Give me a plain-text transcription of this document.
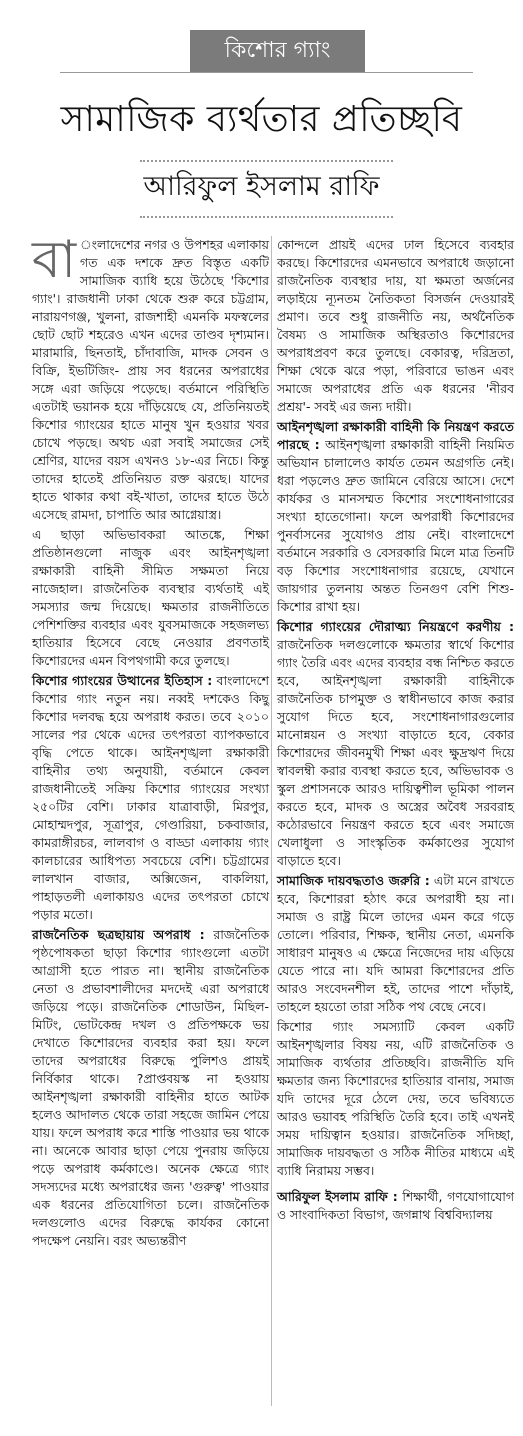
কিশোর গ্যাং
সামাজিক ব্যর্থতার প্রতিচ্ছবি
আরিফুল ইসলাম রাফি

বা ংলাদেশের নগর ও উপশহর এলাকায় গত এক দশকে দ্রুত বিস্তৃত একটি সামাজিক ব্যাধি হয়ে উঠেছে 'কিশোর গ্যাং'। রাজধানী ঢাকা থেকে শুরু করে চট্টগ্রাম, নারায়ণগঞ্জ, খুলনা, রাজশাহী এমনকি মফস্বলের ছোট ছোট শহরেও এখন এদের তাণ্ডব দৃশ্যমান। মারামারি, ছিনতাই, চাঁদাবাজি, মাদক সেবন ও বিক্রি, ইভটিজিং- প্রায় সব ধরনের অপরাধের সঙ্গে এরা জড়িয়ে পড়েছে। বর্তমানে পরিস্থিতি এতটাই ভয়ানক হয়ে দাঁড়িয়েছে যে, প্রতিনিয়তই কিশোর গ্যাংয়ের হাতে মানুষ খুন হওয়ার খবর চোখে পড়ছে। অথচ এরা সবাই সমাজের সেই শ্রেণির, যাদের বয়স এখনও ১৮-এর নিচে। কিন্তু তাদের হাতেই প্রতিনিয়ত রক্ত ঝরছে। যাদের হাতে থাকার কথা বই-খাতা, তাদের হাতে উঠে এসেছে রামদা, চাপাতি আর আগ্নেয়াস্ত্র।

এ ছাড়া অভিভাবকরা আতঙ্কে, শিক্ষা প্রতিষ্ঠানগুলো নাজুক এবং আইনশৃঙ্খলা রক্ষাকারী বাহিনী সীমিত সক্ষমতা নিয়ে নাজেহাল। রাজনৈতিক ব্যবস্থার ব্যর্থতাই এই সমস্যার জন্ম দিয়েছে। ক্ষমতার রাজনীতিতে পেশিশক্তির ব্যবহার এবং যুবসমাজকে সহজলভ্য হাতিয়ার হিসেবে বেছে নেওয়ার প্রবণতাই কিশোরদের এমন বিপথগামী করে তুলছে।

কিশোর গ্যাংয়ের উত্থানের ইতিহাস : বাংলাদেশে কিশোর গ্যাং নতুন নয়। নব্বই দশকেও কিছু কিশোর দলবদ্ধ হয়ে অপরাধ করত। তবে ২০১০ সালের পর থেকে এদের তৎপরতা ব্যাপকভাবে বৃদ্ধি পেতে থাকে। আইনশৃঙ্খলা রক্ষাকারী বাহিনীর তথ্য অনুযায়ী, বর্তমানে কেবল রাজধানীতেই সক্রিয় কিশোর গ্যাংয়ের সংখ্যা ২৫০টির বেশি। ঢাকার যাত্রাবাড়ী, মিরপুর, মোহাম্মদপুর, সূত্রাপুর, গেণ্ডারিয়া, চকবাজার, কামরাঙ্গীরচর, লালবাগ ও বাড্ডা এলাকায় গ্যাং কালচারের আধিপত্য সবচেয়ে বেশি। চট্টগ্রামের লালখান বাজার, অক্সিজেন, বাকলিয়া, পাহাড়তলী এলাকায়ও এদের তৎপরতা চোখে পড়ার মতো।

রাজনৈতিক ছত্রছায়ায় অপরাধ : রাজনৈতিক পৃষ্ঠপোষকতা ছাড়া কিশোর গ্যাংগুলো এতটা আগ্রাসী হতে পারত না। স্থানীয় রাজনৈতিক নেতা ও প্রভাবশালীদের মদদেই এরা অপরাধে জড়িয়ে পড়ে। রাজনৈতিক শোডাউন, মিছিল-মিটিং, ভোটকেন্দ্র দখল ও প্রতিপক্ষকে ভয় দেখাতে কিশোরদের ব্যবহার করা হয়। ফলে তাদের অপরাধের বিরুদ্ধে পুলিশও প্রায়ই নির্বিকার থাকে। ?প্রাপ্তবয়স্ক না হওয়ায় আইনশৃঙ্খলা রক্ষাকারী বাহিনীর হাতে আটক হলেও আদালত থেকে তারা সহজে জামিন পেয়ে যায়। ফলে অপরাধ করে শাস্তি পাওয়ার ভয় থাকে না। অনেকে আবার ছাড়া পেয়ে পুনরায় জড়িয়ে পড়ে অপরাধ কর্মকাণ্ডে। অনেক ক্ষেত্রে গ্যাং সদস্যদের মধ্যে অপরাধের জন্য 'গুরুত্ব' পাওয়ার এক ধরনের প্রতিযোগিতা চলে। রাজনৈতিক দলগুলোও এদের বিরুদ্ধে কার্যকর কোনো পদক্ষেপ নেয়নি। বরং অভ্যন্তরীণ

কোন্দলে প্রায়ই এদের ঢাল হিসেবে ব্যবহার করছে। কিশোরদের এমনভাবে অপরাধে জড়ানো রাজনৈতিক ব্যবস্থার দায়, যা ক্ষমতা অর্জনের লড়াইয়ে ন্যূনতম নৈতিকতা বিসর্জন দেওয়ারই প্রমাণ। তবে শুধু রাজনীতি নয়, অর্থনৈতিক বৈষম্য ও সামাজিক অস্থিরতাও কিশোরদের অপরাধপ্রবণ করে তুলছে। বেকারত্ব, দরিদ্রতা, শিক্ষা থেকে ঝরে পড়া, পরিবারে ভাঙন এবং সমাজে অপরাধের প্রতি এক ধরনের 'নীরব প্রশ্রয়'- সবই এর জন্য দায়ী।

আইনশৃঙ্খলা রক্ষাকারী বাহিনী কি নিয়ন্ত্রণ করতে পারছে : আইনশৃঙ্খলা রক্ষাকারী বাহিনী নিয়মিত অভিযান চালালেও কার্যত তেমন অগ্রগতি নেই। ধরা পড়লেও দ্রুত জামিনে বেরিয়ে আসে। দেশে কার্যকর ও মানসম্মত কিশোর সংশোধনাগারের সংখ্যা হাতেগোনা। ফলে অপরাধী কিশোরদের পুনর্বাসনের সুযোগও প্রায় নেই। বাংলাদেশে বর্তমানে সরকারি ও বেসরকারি মিলে মাত্র তিনটি বড় কিশোর সংশোধনাগার রয়েছে, যেখানে জায়গার তুলনায় অন্তত তিনগুণ বেশি শিশু-কিশোর রাখা হয়।

কিশোর গ্যাংয়ের দৌরাত্ম্য নিয়ন্ত্রণে করণীয় : রাজনৈতিক দলগুলোকে ক্ষমতার স্বার্থে কিশোর গ্যাং তৈরি এবং এদের ব্যবহার বন্ধ নিশ্চিত করতে হবে, আইনশৃঙ্খলা রক্ষাকারী বাহিনীকে রাজনৈতিক চাপমুক্ত ও স্বাধীনভাবে কাজ করার সুযোগ দিতে হবে, সংশোধনাগারগুলোর মানোন্নয়ন ও সংখ্যা বাড়াতে হবে, বেকার কিশোরদের জীবনমুখী শিক্ষা এবং ক্ষুদ্রঋণ দিয়ে স্বাবলম্বী করার ব্যবস্থা করতে হবে, অভিভাবক ও স্কুল প্রশাসনকে আরও দায়িত্বশীল ভূমিকা পালন করতে হবে, মাদক ও অস্ত্রের অবৈধ সরবরাহ কঠোরভাবে নিয়ন্ত্রণ করতে হবে এবং সমাজে খেলাধুলা ও সাংস্কৃতিক কর্মকাণ্ডের সুযোগ বাড়াতে হবে।

সামাজিক দায়বদ্ধতাও জরুরি : এটা মনে রাখতে হবে, কিশোররা হঠাৎ করে অপরাধী হয় না। সমাজ ও রাষ্ট্র মিলে তাদের এমন করে গড়ে তোলে। পরিবার, শিক্ষক, স্থানীয় নেতা, এমনকি সাধারণ মানুষও এ ক্ষেত্রে নিজেদের দায় এড়িয়ে যেতে পারে না। যদি আমরা কিশোরদের প্রতি আরও সংবেদনশীল হই, তাদের পাশে দাঁড়াই, তাহলে হয়তো তারা সঠিক পথ বেছে নেবে।

কিশোর গ্যাং সমস্যাটি কেবল একটি আইনশৃঙ্খলার বিষয় নয়, এটি রাজনৈতিক ও সামাজিক ব্যর্থতার প্রতিচ্ছবি। রাজনীতি যদি ক্ষমতার জন্য কিশোরদের হাতিয়ার বানায়, সমাজ যদি তাদের দূরে ঠেলে দেয়, তবে ভবিষ্যতে আরও ভয়াবহ পরিস্থিতি তৈরি হবে। তাই এখনই সময় দায়িত্বান হওয়ার। রাজনৈতিক সদিচ্ছা, সামাজিক দায়বদ্ধতা ও সঠিক নীতির মাধ্যমে এই ব্যাধি নিরাময় সম্ভব।

আরিফুল ইসলাম রাফি : শিক্ষার্থী, গণযোগাযোগ ও সাংবাদিকতা বিভাগ, জগন্নাথ বিশ্ববিদ্যালয়
